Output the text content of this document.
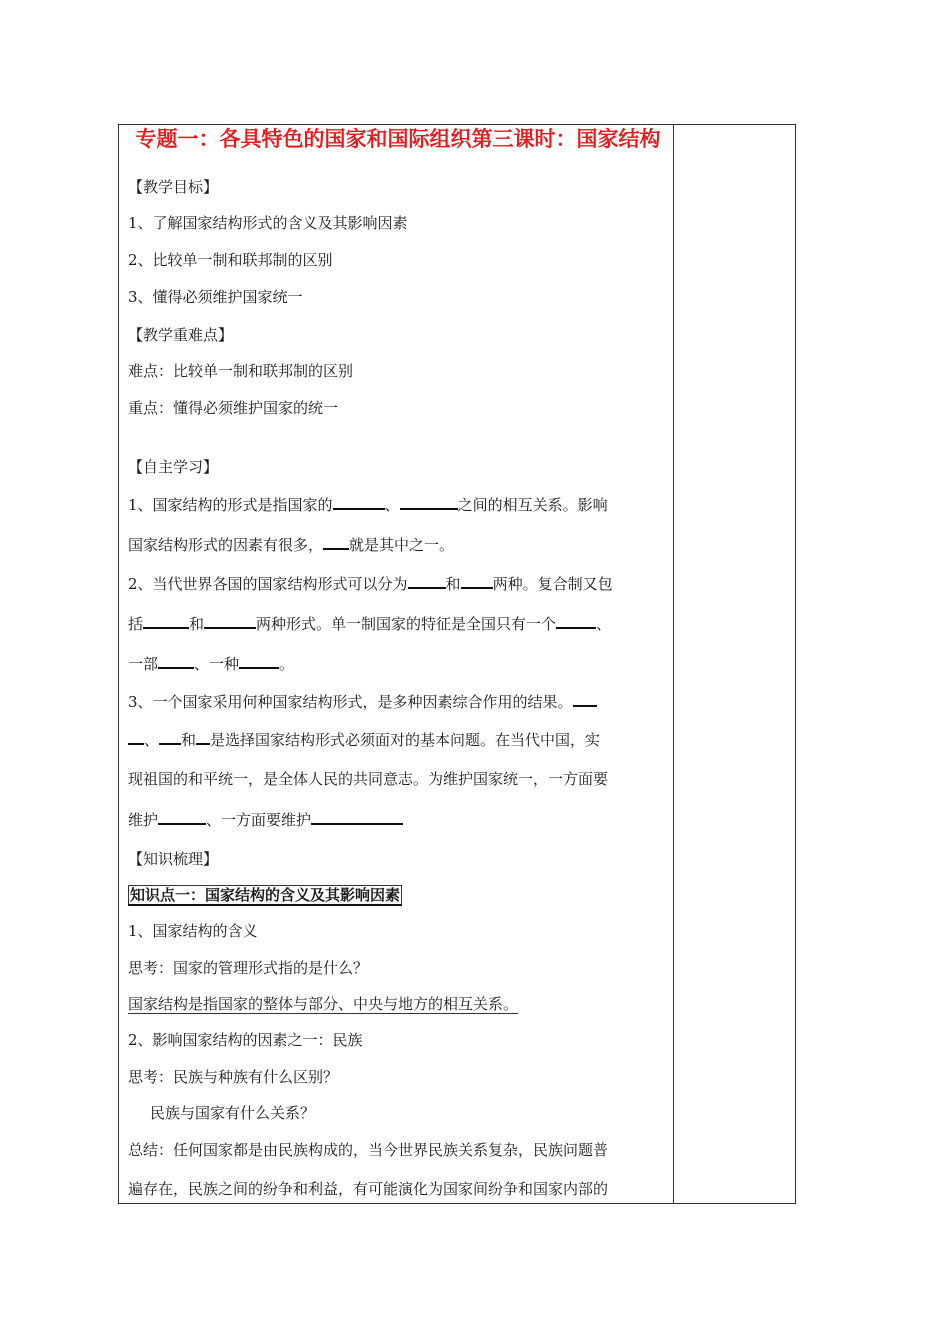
专题一：各具特色的国家和国际组织第三课时：国家结构
【教学目标】
1、了解国家结构形式的含义及其影响因素
2、比较单一制和联邦制的区别
3、懂得必须维护国家统一
【教学重难点】
难点：比较单一制和联邦制的区别
重点：懂得必须维护国家的统一
【自主学习】
1、国家结构的形式是指国家的	、	之间的相互关系。影响
国家结构形式的因素有很多， 就是其中之一。
2、当代世界各国的国家结构形式可以分为	和 两种。复合制又包
括	和	两种形式。单一制国家的特征是全国只有一个	、
一部 、一种	。
3、一个国家采用何种国家结构形式，是多种因素综合作用的结果。
、 和 是选择国家结构形式必须面对的基本问题。在当代中国，实
现祖国的和平统一，是全体人民的共同意志。为维护国家统一，一方面要
维护	、一方面要维护
【知识梳理】
知识点一：国家结构的含义及其影响因素
1、国家结构的含义
思考：国家的管理形式指的是什么？
国家结构是指国家的整体与部分、中央与地方的相互关系。
2、影响国家结构的因素之一：民族
思考：民族与种族有什么区别？
民族与国家有什么关系？
总结：任何国家都是由民族构成的，当今世界民族关系复杂，民族问题普
遍存在，民族之间的纷争和利益，有可能演化为国家间纷争和国家内部的
